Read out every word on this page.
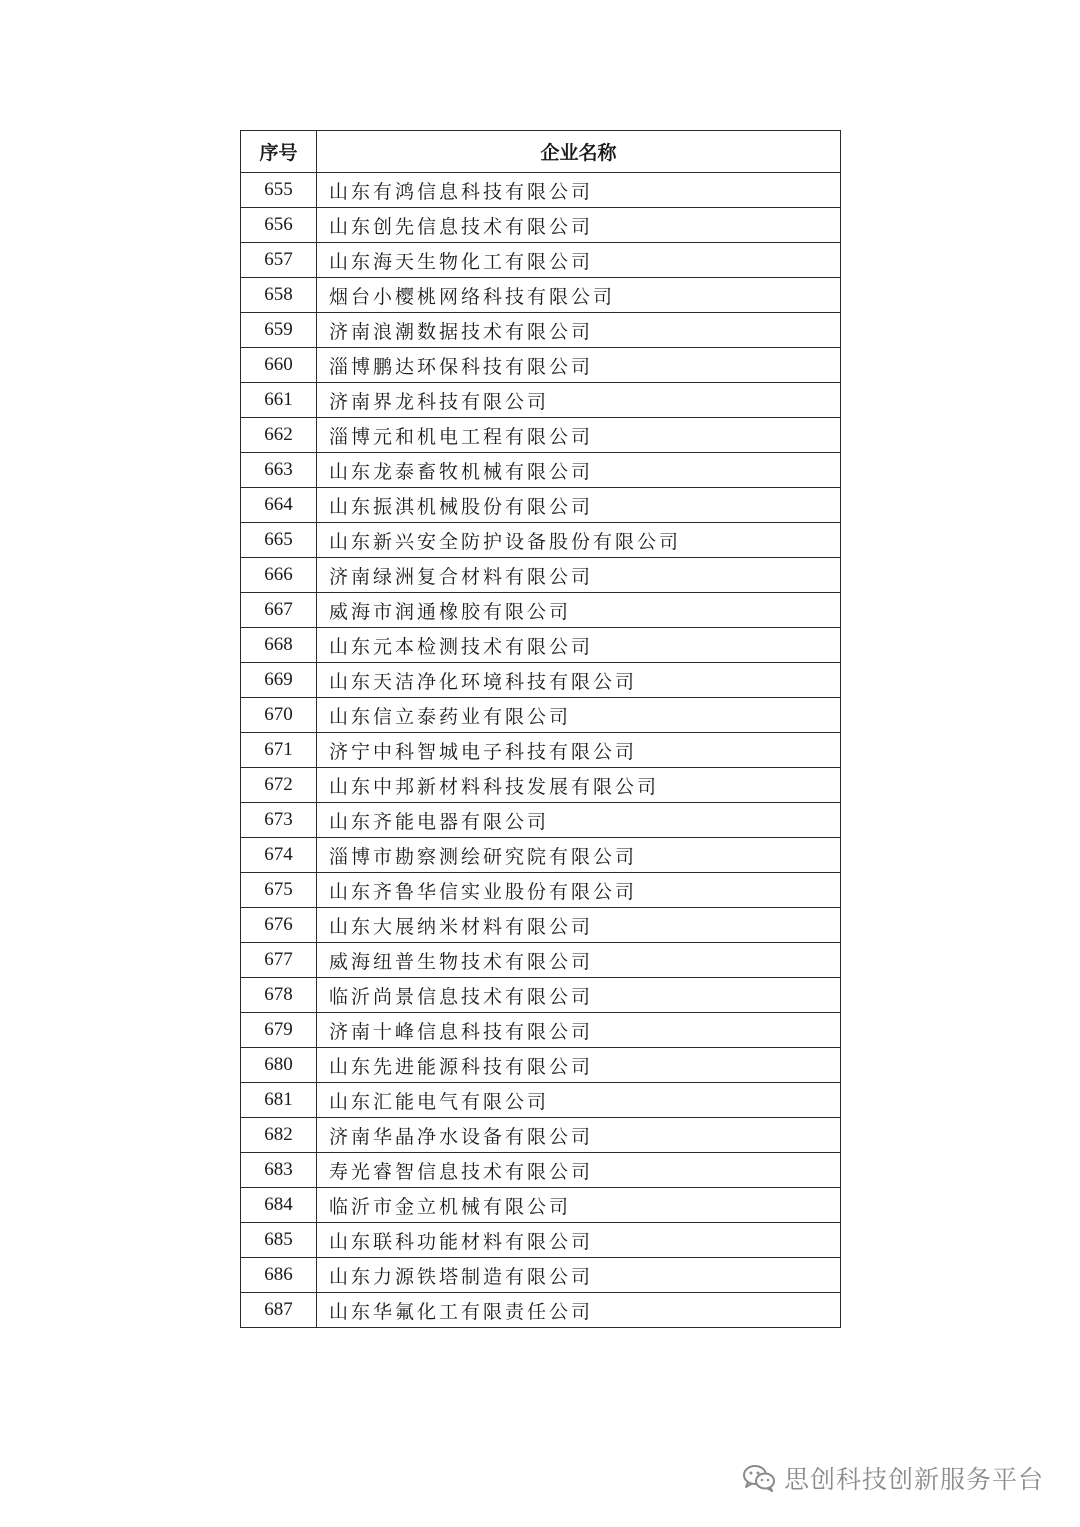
序号	企业名称
655	山东有鸿信息科技有限公司
656	山东创先信息技术有限公司
657	山东海天生物化工有限公司
658	烟台小樱桃网络科技有限公司
659	济南浪潮数据技术有限公司
660	淄博鹏达环保科技有限公司
661	济南界龙科技有限公司
662	淄博元和机电工程有限公司
663	山东龙泰畜牧机械有限公司
664	山东振淇机械股份有限公司
665	山东新兴安全防护设备股份有限公司
666	济南绿洲复合材料有限公司
667	威海市润通橡胶有限公司
668	山东元本检测技术有限公司
669	山东天洁净化环境科技有限公司
670	山东信立泰药业有限公司
671	济宁中科智城电子科技有限公司
672	山东中邦新材料科技发展有限公司
673	山东齐能电器有限公司
674	淄博市勘察测绘研究院有限公司
675	山东齐鲁华信实业股份有限公司
676	山东大展纳米材料有限公司
677	威海纽普生物技术有限公司
678	临沂尚景信息技术有限公司
679	济南十峰信息科技有限公司
680	山东先进能源科技有限公司
681	山东汇能电气有限公司
682	济南华晶净水设备有限公司
683	寿光睿智信息技术有限公司
684	临沂市金立机械有限公司
685	山东联科功能材料有限公司
686	山东力源铁塔制造有限公司
687	山东华氟化工有限责任公司
思创科技创新服务平台
